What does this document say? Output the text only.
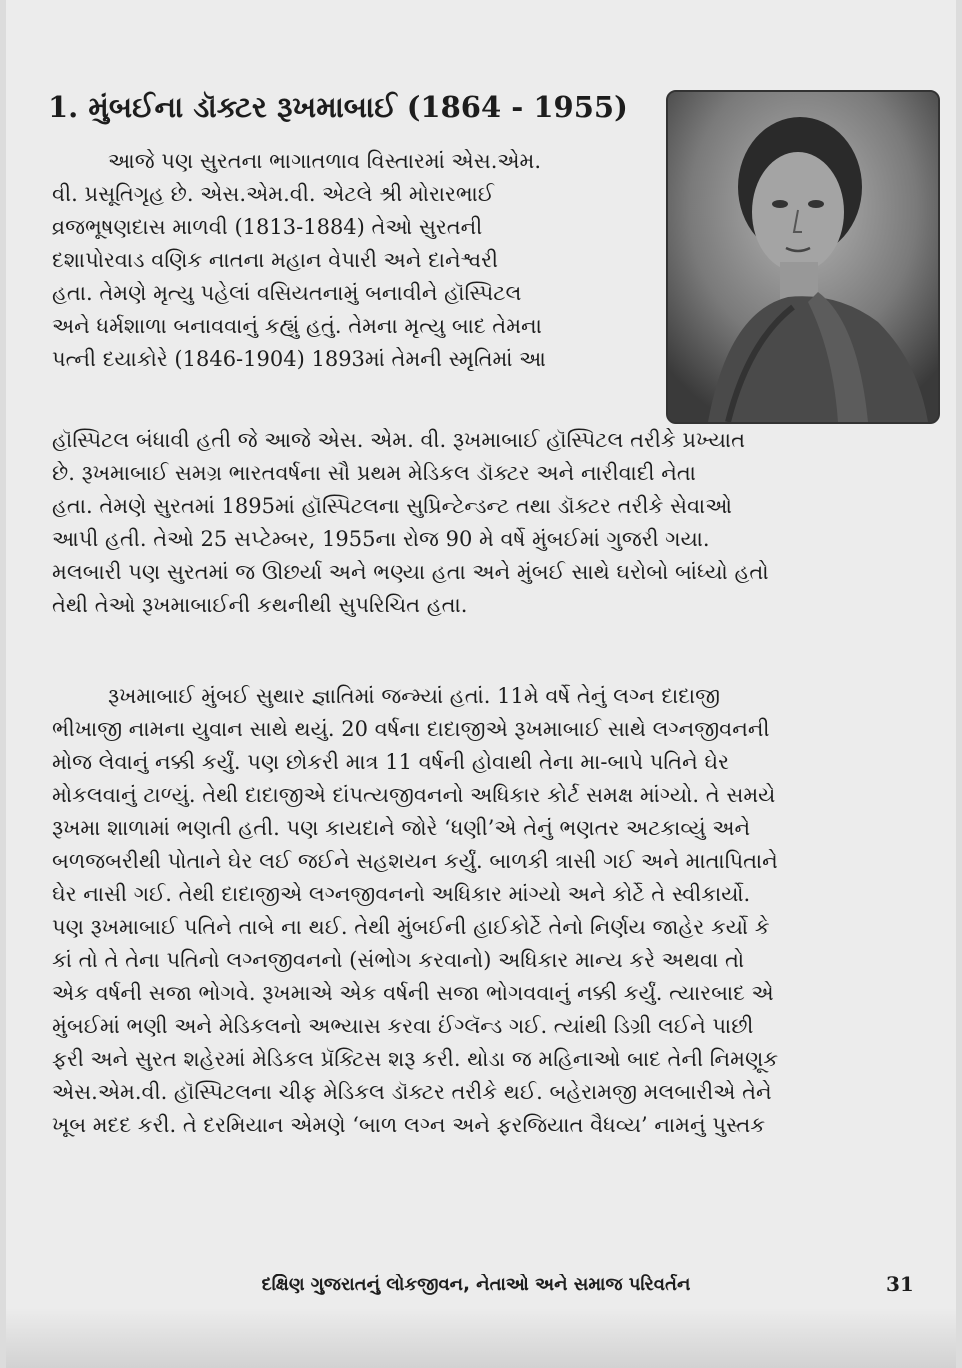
1. મુંબઈના ડૉક્ટર રૂખમાબાઈ (1864 - 1955)
આજે પણ સુરતના ભાગાતળાવ વિસ્તારમાં એસ.એમ.
વી. પ્રસૂતિગૃહ છે. એસ.એમ.વી. એટલે શ્રી મોરારભાઈ
વ્રજભૂષણદાસ માળવી (1813-1884) તેઓ સુરતની
દશાપોરવાડ વણિક નાતના મહાન વેપારી અને દાનેશ્વરી
હતા. તેમણે મૃત્યુ પહેલાં વસિયતનામું બનાવીને હૉસ્પિટલ
અને ધર્મશાળા બનાવવાનું કહ્યું હતું. તેમના મૃત્યુ બાદ તેમના
પત્ની દયાકોરે (1846-1904) 1893માં તેમની સ્મૃતિમાં આ
હૉસ્પિટલ બંધાવી હતી જે આજે એસ. એમ. વી. રૂખમાબાઈ હૉસ્પિટલ તરીકે પ્રખ્યાત
છે. રૂખમાબાઈ સમગ્ર ભારતવર્ષના સૌ પ્રથમ મેડિકલ ડૉક્ટર અને નારીવાદી નેતા
હતા. તેમણે સુરતમાં 1895માં હૉસ્પિટલના સુપ્રિન્ટેન્ડન્ટ તથા ડૉક્ટર તરીકે સેવાઓ
આપી હતી. તેઓ 25 સપ્ટેમ્બર, 1955ના રોજ 90 મે વર્ષે મુંબઈમાં ગુજરી ગયા.
મલબારી પણ સુરતમાં જ ઊછર્યા અને ભણ્યા હતા અને મુંબઈ સાથે ઘરોબો બાંધ્યો હતો
તેથી તેઓ રૂખમાબાઈની કથનીથી સુપરિચિત હતા.
રૂખમાબાઈ મુંબઈ સુથાર જ્ઞાતિમાં જન્મ્યાં હતાં. 11મે વર્ષે તેનું લગ્ન દાદાજી
ભીખાજી નામના યુવાન સાથે થયું. 20 વર્ષના દાદાજીએ રૂખમાબાઈ સાથે લગ્નજીવનની
મોજ લેવાનું નક્કી કર્યું. પણ છોકરી માત્ર 11 વર્ષની હોવાથી તેના મા-બાપે પતિને ઘેર
મોકલવાનું ટાળ્યું. તેથી દાદાજીએ દાંપત્યજીવનનો અધિકાર કોર્ટ સમક્ષ માંગ્યો. તે સમયે
રૂખમા શાળામાં ભણતી હતી. પણ કાયદાને જોરે ‘ધણી’એ તેનું ભણતર અટકાવ્યું અને
બળજબરીથી પોતાને ઘેર લઈ જઈને સહશયન કર્યું. બાળકી ત્રાસી ગઈ અને માતાપિતાને
ઘેર નાસી ગઈ. તેથી દાદાજીએ લગ્નજીવનનો અધિકાર માંગ્યો અને કોર્ટે તે સ્વીકાર્યો.
પણ રૂખમાબાઈ પતિને તાબે ના થઈ. તેથી મુંબઈની હાઈકોર્ટે તેનો નિર્ણય જાહેર કર્યો કે
કાં તો તે તેના પતિનો લગ્નજીવનનો (સંભોગ કરવાનો) અધિકાર માન્ય કરે અથવા તો
એક વર્ષની સજા ભોગવે. રૂખમાએ એક વર્ષની સજા ભોગવવાનું નક્કી કર્યું. ત્યારબાદ એ
મુંબઈમાં ભણી અને મેડિકલનો અભ્યાસ કરવા ઈંગ્લૅન્ડ ગઈ. ત્યાંથી ડિગ્રી લઈને પાછી
ફરી અને સુરત શહેરમાં મેડિકલ પ્રૅક્ટિસ શરૂ કરી. થોડા જ મહિનાઓ બાદ તેની નિમણૂક
એસ.એમ.વી. હૉસ્પિટલના ચીફ મેડિકલ ડૉક્ટર તરીકે થઈ. બહેરામજી મલબારીએ તેને
ખૂબ મદદ કરી. તે દરમિયાન એમણે ‘બાળ લગ્ન અને ફરજિયાત વૈધવ્ય’ નામનું પુસ્તક
દક્ષિણ ગુજરાતનું લોકજીવન, નેતાઓ અને સમાજ પરિવર્તન	31
